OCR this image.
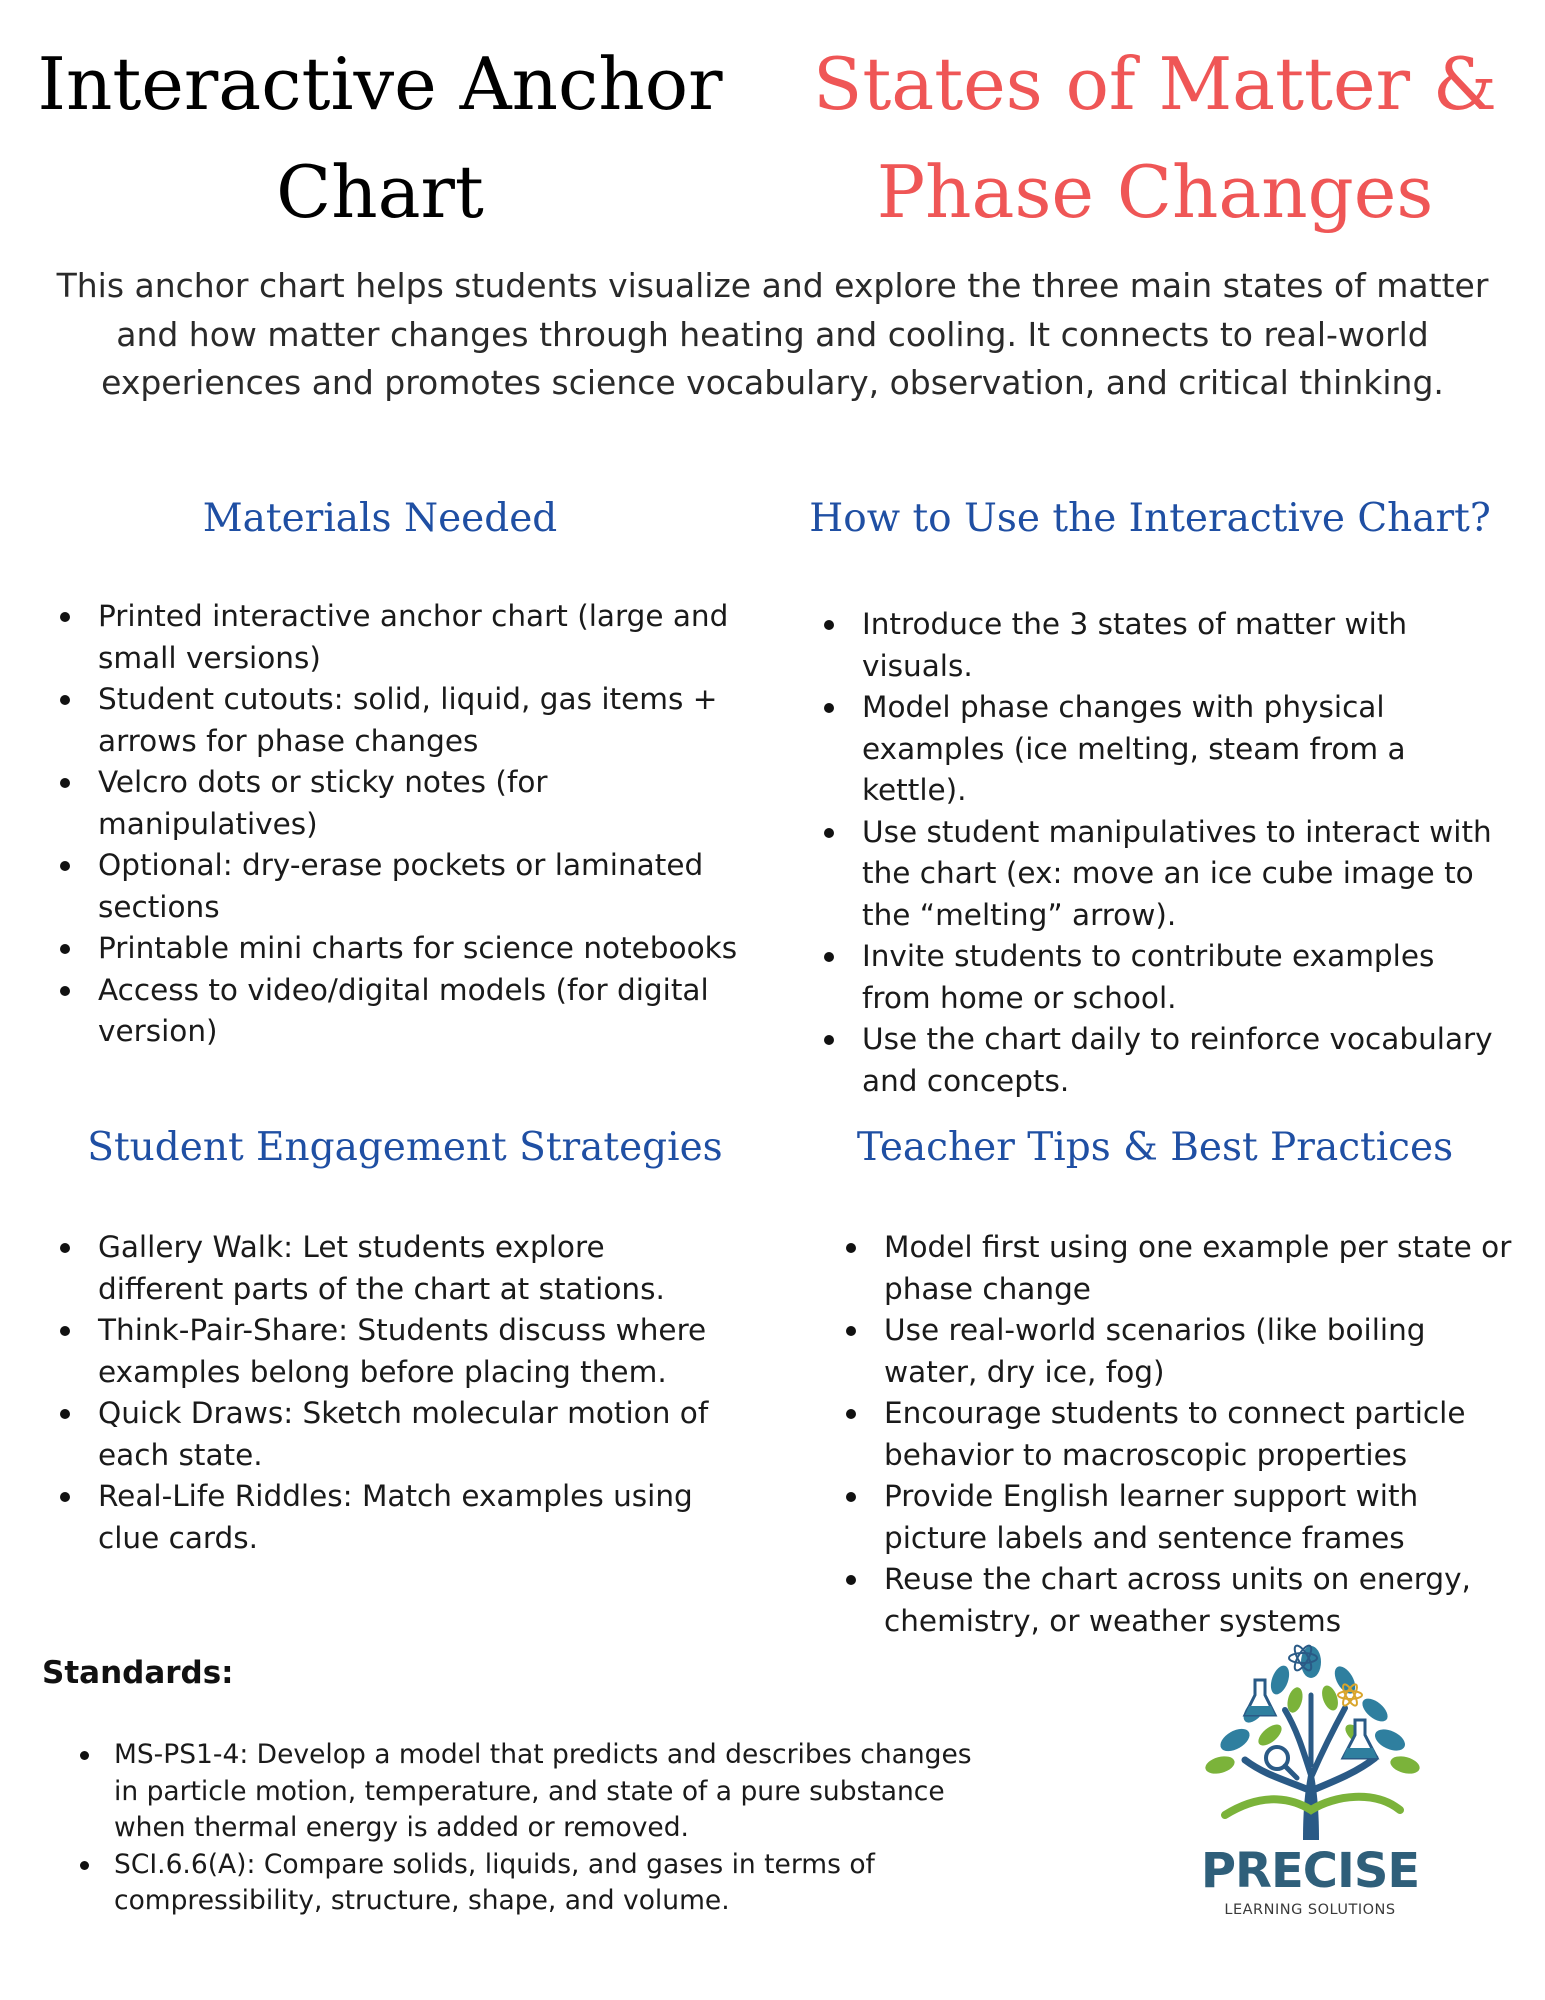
Interactive Anchor
Chart
States of Matter &
Phase Changes

This anchor chart helps students visualize and explore the three main states of matter and how matter changes through heating and cooling. It connects to real-world experiences and promotes science vocabulary, observation, and critical thinking.

Materials Needed
Printed interactive anchor chart (large and small versions)
Student cutouts: solid, liquid, gas items + arrows for phase changes
Velcro dots or sticky notes (for manipulatives)
Optional: dry-erase pockets or laminated sections
Printable mini charts for science notebooks
Access to video/digital models (for digital version)
How to Use the Interactive Chart?
Introduce the 3 states of matter with visuals.
Model phase changes with physical examples (ice melting, steam from a kettle).
Use student manipulatives to interact with the chart (ex: move an ice cube image to the “melting” arrow).
Invite students to contribute examples from home or school.
Use the chart daily to reinforce vocabulary and concepts.
Student Engagement Strategies
Gallery Walk: Let students explore different parts of the chart at stations.
Think-Pair-Share: Students discuss where examples belong before placing them.
Quick Draws: Sketch molecular motion of each state.
Real-Life Riddles: Match examples using clue cards.
Teacher Tips & Best Practices
Model first using one example per state or phase change
Use real-world scenarios (like boiling water, dry ice, fog)
Encourage students to connect particle behavior to macroscopic properties
Provide English learner support with picture labels and sentence frames
Reuse the chart across units on energy, chemistry, or weather systems
Standards:
MS-PS1-4: Develop a model that predicts and describes changes in particle motion, temperature, and state of a pure substance when thermal energy is added or removed.
SCI.6.6(A): Compare solids, liquids, and gases in terms of compressibility, structure, shape, and volume.
PRECISE
LEARNING SOLUTIONS
